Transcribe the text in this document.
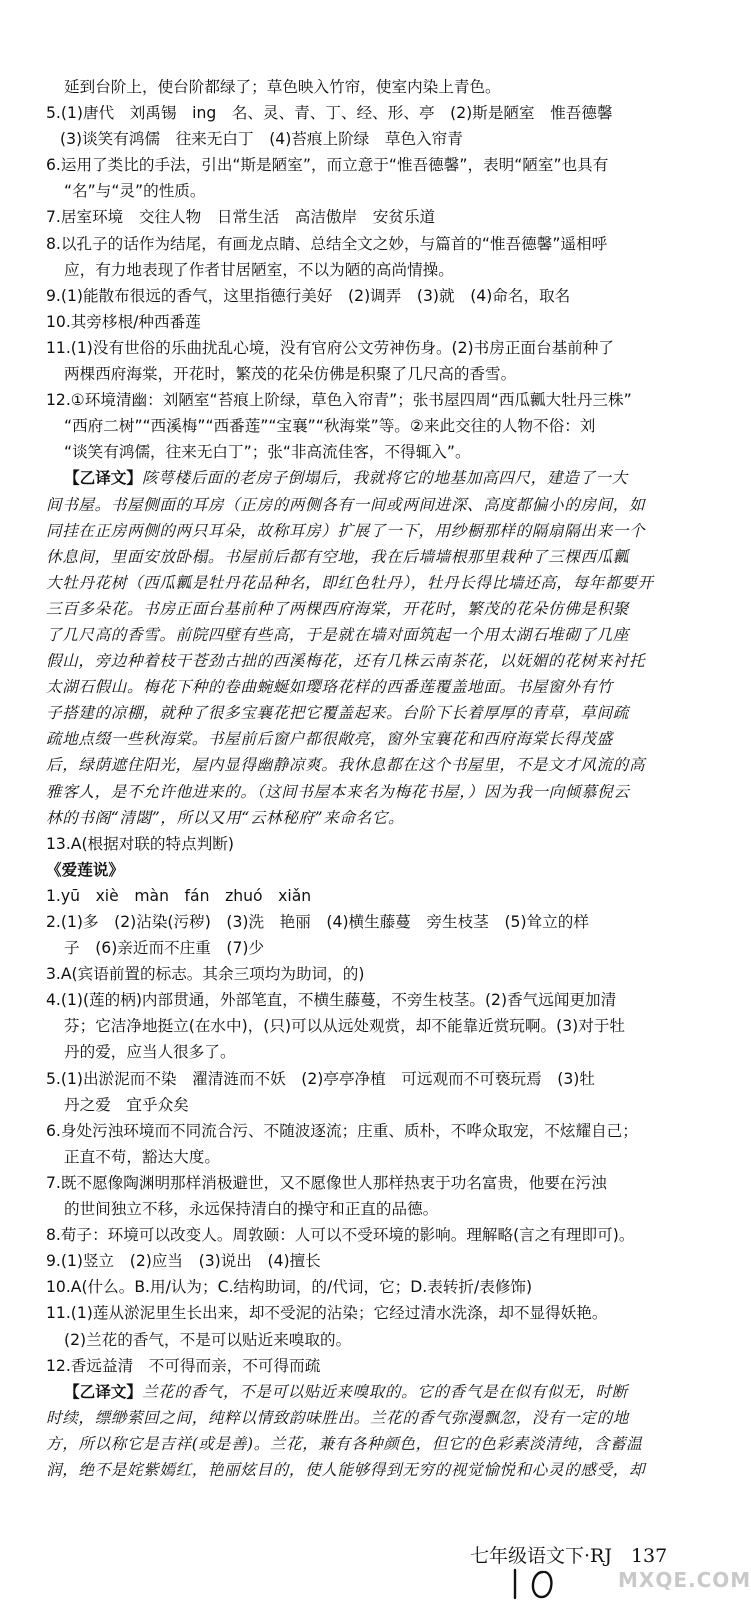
延到台阶上，使台阶都绿了；草色映入竹帘，使室内染上青色。
5.(1)唐代　刘禹锡　ing　名、灵、青、丁、经、形、亭　(2)斯是陋室　惟吾德馨
(3)谈笑有鸿儒　往来无白丁　(4)苔痕上阶绿　草色入帘青
6.运用了类比的手法，引出“斯是陋室”，而立意于“惟吾德馨”，表明“陋室”也具有
“名”与“灵”的性质。
7.居室环境　交往人物　日常生活　高洁傲岸　安贫乐道
8.以孔子的话作为结尾，有画龙点睛、总结全文之妙，与篇首的“惟吾德馨”遥相呼
应，有力地表现了作者甘居陋室，不以为陋的高尚情操。
9.(1)能散布很远的香气，这里指德行美好　(2)调弄　(3)就　(4)命名，取名
10.其旁栘根/种西番莲
11.(1)没有世俗的乐曲扰乱心境，没有官府公文劳神伤身。(2)书房正面台基前种了
两棵西府海棠，开花时，繁茂的花朵仿佛是积聚了几尺高的香雪。
12.①环境清幽：刘陋室“苔痕上阶绿，草色入帘青”；张书屋四周“西瓜瓤大牡丹三株”
“西府二树”“西溪梅”“西番莲”“宝襄”“秋海棠”等。②来此交往的人物不俗：刘
“谈笑有鸿儒，往来无白丁”；张“非高流佳客，不得辄入”。
【乙译文】陔萼楼后面的老房子倒塌后，我就将它的地基加高四尺，建造了一大
间书屋。书屋侧面的耳房（正房的两侧各有一间或两间进深、高度都偏小的房间，如
同挂在正房两侧的两只耳朵，故称耳房）扩展了一下，用纱橱那样的隔扇隔出来一个
休息间，里面安放卧榻。书屋前后都有空地，我在后墙墙根那里栽种了三棵西瓜瓤
大牡丹花树（西瓜瓤是牡丹花品种名，即红色牡丹），牡丹长得比墙还高，每年都要开
三百多朵花。书房正面台基前种了两棵西府海棠，开花时，繁茂的花朵仿佛是积聚
了几尺高的香雪。前院四壁有些高，于是就在墙对面筑起一个用太湖石堆砌了几座
假山，旁边种着枝干苍劲古拙的西溪梅花，还有几株云南茶花，以妩媚的花树来衬托
太湖石假山。梅花下种的卷曲蜿蜒如璎珞花样的西番莲覆盖地面。书屋窗外有竹
子搭建的凉棚，就种了很多宝襄花把它覆盖起来。台阶下长着厚厚的青草，草间疏
疏地点缀一些秋海棠。书屋前后窗户都很敞亮，窗外宝襄花和西府海棠长得茂盛
后，绿荫遮住阳光，屋内显得幽静凉爽。我休息都在这个书屋里，不是文才风流的高
雅客人，是不允许他进来的。（这间书屋本来名为梅花书屋，）因为我一向倾慕倪云
林的书阁“清閟”，所以又用“云林秘府”来命名它。
13.A(根据对联的特点判断)
《爱莲说》
1.yū　xiè　màn　fán　zhuó　xiǎn
2.(1)多　(2)沾染(污秽)　(3)洗　艳丽　(4)横生藤蔓　旁生枝茎　(5)耸立的样
子　(6)亲近而不庄重　(7)少
3.A(宾语前置的标志。其余三项均为助词，的)
4.(1)(莲的柄)内部贯通，外部笔直，不横生藤蔓，不旁生枝茎。(2)香气远闻更加清
芬；它洁净地挺立(在水中)，(只)可以从远处观赏，却不能靠近赏玩啊。(3)对于牡
丹的爱，应当人很多了。
5.(1)出淤泥而不染　濯清涟而不妖　(2)亭亭净植　可远观而不可亵玩焉　(3)牡
丹之爱　宜乎众矣
6.身处污浊环境而不同流合污、不随波逐流；庄重、质朴，不哗众取宠，不炫耀自己；
正直不苟，豁达大度。
7.既不愿像陶渊明那样消极避世，又不愿像世人那样热衷于功名富贵，他要在污浊
的世间独立不移，永远保持清白的操守和正直的品德。
8.荀子：环境可以改变人。周敦颐：人可以不受环境的影响。理解略(言之有理即可)。
9.(1)竖立　(2)应当　(3)说出　(4)擅长
10.A(什么。B.用/认为；C.结构助词，的/代词，它；D.表转折/表修饰)
11.(1)莲从淤泥里生长出来，却不受泥的沾染；它经过清水洗涤，却不显得妖艳。
(2)兰花的香气，不是可以贴近来嗅取的。
12.香远益清　不可得而亲，不可得而疏
【乙译文】兰花的香气，不是可以贴近来嗅取的。它的香气是在似有似无，时断
时续，缥缈萦回之间，纯粹以情致韵味胜出。兰花的香气弥漫飘忽，没有一定的地
方，所以称它是吉祥(或是善)。兰花，兼有各种颜色，但它的色彩素淡清纯，含蓄温
润，绝不是姹紫嫣红，艳丽炫目的，使人能够得到无穷的视觉愉悦和心灵的感受，却
七年级语文下·RJ　137
MXQE.COM
